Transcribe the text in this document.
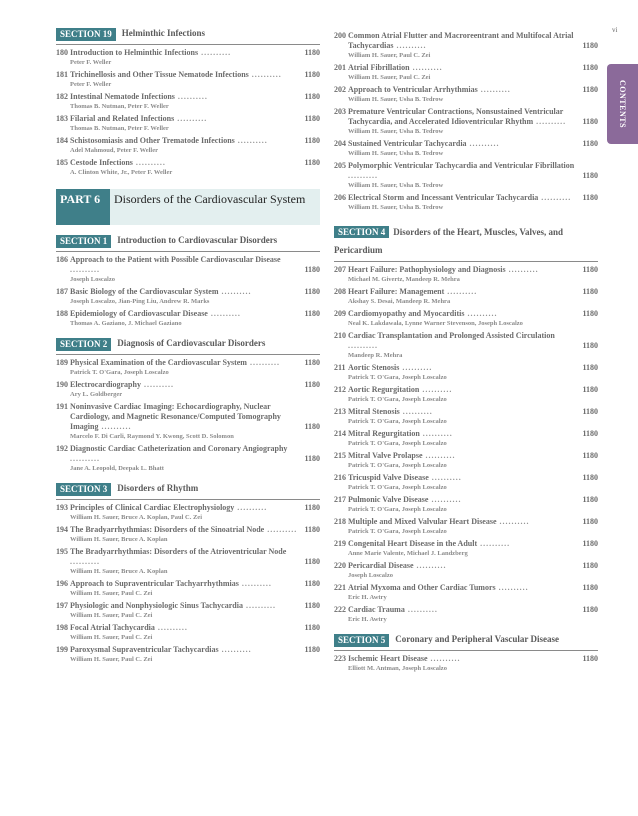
vi
CONTENTS
SECTION 19	Helminthic Infections
180 Introduction to Helminthic Infections ..........	1180
Peter F. Weller
181 Trichinellosis and Other Tissue Nematode Infections ..........	1180
Peter F. Weller
182 Intestinal Nematode Infections ..........	1180
Thomas B. Nutman, Peter F. Weller
183 Filarial and Related Infections ..........	1180
Thomas B. Nutman, Peter F. Weller
184 Schistosomiasis and Other Trematode Infections ..........	1180
Adel Mahmoud, Peter F. Weller
185 Cestode Infections ..........	1180
A. Clinton White, Jr., Peter F. Weller
PART 6	Disorders of the Cardiovascular System
SECTION 1	Introduction to Cardiovascular Disorders
186 Approach to the Patient with Possible Cardiovascular Disease ..........	1180
Joseph Loscalzo
187 Basic Biology of the Cardiovascular System ..........	1180
Joseph Loscalzo, Jian-Ping Liu, Andrew R. Marks
188 Epidemiology of Cardiovascular Disease ..........	1180
Thomas A. Gaziano, J. Michael Gaziano
SECTION 2	Diagnosis of Cardiovascular Disorders
189 Physical Examination of the Cardiovascular System ..........	1180
Patrick T. O'Gara, Joseph Loscalzo
190 Electrocardiography ..........	1180
Ary L. Goldberger
191 Noninvasive Cardiac Imaging: Echocardiography, Nuclear Cardiology, and Magnetic Resonance/Computed Tomography Imaging ..........	1180
Marcelo F. Di Carli, Raymond Y. Kwong, Scott D. Solomon
192 Diagnostic Cardiac Catheterization and Coronary Angiography ..........	1180
Jane A. Leopold, Deepak L. Bhatt
SECTION 3	Disorders of Rhythm
193 Principles of Clinical Cardiac Electrophysiology ..........	1180
William H. Sauer, Bruce A. Koplan, Paul C. Zei
194 The Bradyarrhythmias: Disorders of the Sinoatrial Node .......... 1180
William H. Sauer, Bruce A. Koplan
195 The Bradyarrhythmias: Disorders of the Atrioventricular Node ..........	1180
William H. Sauer, Bruce A. Koplan
196 Approach to Supraventricular Tachyarrhythmias ..........	1180
William H. Sauer, Paul C. Zei
197 Physiologic and Nonphysiologic Sinus Tachycardia ..........	1180
William H. Sauer, Paul C. Zei
198 Focal Atrial Tachycardia ..........	1180
William H. Sauer, Paul C. Zei
199 Paroxysmal Supraventricular Tachycardias ..........	1180
William H. Sauer, Paul C. Zei
200 Common Atrial Flutter and Macroreentrant and Multifocal Atrial Tachycardias ..........	1180
William H. Sauer, Paul C. Zei
201 Atrial Fibrillation ..........	1180
William H. Sauer, Paul C. Zei
202 Approach to Ventricular Arrhythmias ..........	1180
William H. Sauer, Usha B. Tedrow
203 Premature Ventricular Contractions, Nonsustained Ventricular Tachycardia, and Accelerated Idioventricular Rhythm .......... 1180
William H. Sauer, Usha B. Tedrow
204 Sustained Ventricular Tachycardia ..........	1180
William H. Sauer, Usha B. Tedrow
205 Polymorphic Ventricular Tachycardia and Ventricular Fibrillation ..........	1180
William H. Sauer, Usha B. Tedrow
206 Electrical Storm and Incessant Ventricular Tachycardia .......... 1180
William H. Sauer, Usha B. Tedrow
SECTION 4 Disorders of the Heart, Muscles, Valves, and Pericardium
207 Heart Failure: Pathophysiology and Diagnosis ..........	1180
Michael M. Givertz, Mandeep R. Mehra
208 Heart Failure: Management ..........	1180
Akshay S. Desai, Mandeep R. Mehra
209 Cardiomyopathy and Myocarditis ..........	1180
Neal K. Lakdawala, Lynne Warner Stevenson, Joseph Loscalzo
210 Cardiac Transplantation and Prolonged Assisted Circulation ..........	1180
Mandeep R. Mehra
211 Aortic Stenosis ..........	1180
Patrick T. O'Gara, Joseph Loscalzo
212 Aortic Regurgitation ..........	1180
Patrick T. O'Gara, Joseph Loscalzo
213 Mitral Stenosis ..........	1180
Patrick T. O'Gara, Joseph Loscalzo
214 Mitral Regurgitation ..........	1180
Patrick T. O'Gara, Joseph Loscalzo
215 Mitral Valve Prolapse ..........	1180
Patrick T. O'Gara, Joseph Loscalzo
216 Tricuspid Valve Disease ..........	1180
Patrick T. O'Gara, Joseph Loscalzo
217 Pulmonic Valve Disease ..........	1180
Patrick T. O'Gara, Joseph Loscalzo
218 Multiple and Mixed Valvular Heart Disease ..........	1180
Patrick T. O'Gara, Joseph Loscalzo
219 Congenital Heart Disease in the Adult ..........	1180
Anne Marie Valente, Michael J. Landzberg
220 Pericardial Disease ..........	1180
Joseph Loscalzo
221 Atrial Myxoma and Other Cardiac Tumors ..........	1180
Eric H. Awtry
222 Cardiac Trauma ..........	1180
Eric H. Awtry
SECTION 5	Coronary and Peripheral Vascular Disease
223 Ischemic Heart Disease ..........	1180
Elliott M. Antman, Joseph Loscalzo
